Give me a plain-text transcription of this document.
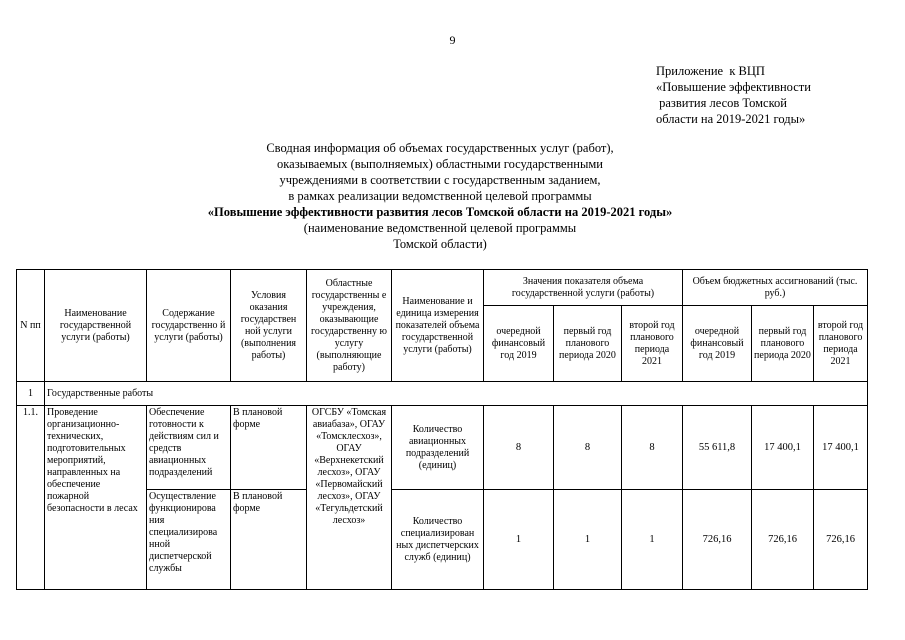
9
Приложение  к ВЦП
«Повышение эффективности
развития лесов Томской
области на 2019-2021 годы»
Сводная информация об объемах государственных услуг (работ),
оказываемых (выполняемых) областными государственными
учреждениями в соответствии с государственным заданием,
в рамках реализации ведомственной целевой программы
«Повышение эффективности развития лесов Томской области на 2019-2021 годы»
(наименование ведомственной целевой программы
Томской области)
N пп	Наименование государственной услуги (работы)	Содержание государственно й услуги (работы)	Условия оказания государствен ной услуги (выполнения работы)	Областные государственны е учреждения, оказывающие государственну ю услугу (выполняющие работу)	Наименование и единица измерения показателей объема государственной услуги (работы)	Значения показателя объема государственной услуги (работы)			Объем бюджетных ассигнований (тыс. руб.)		
						очередной финансовый год 2019	первый год планового периода 2020	второй год планового периода 2021	очередной финансовый год 2019	первый год планового периода 2020	второй год планового периода 2021
1	Государственные работы										
1.1.	Проведение организационно-технических, подготовительных мероприятий, направленных на обеспечение пожарной безопасности в лесах	Обеспечение готовности к действиям сил и средств авиационных подразделений	В плановой форме	ОГСБУ «Томская авиабаза», ОГАУ «Томсклесхоз», ОГАУ «Верхнекетский лесхоз», ОГАУ «Первомайский лесхоз», ОГАУ «Тегульдетский лесхоз»	Количество авиационных подразделений (единиц)	8	8	8	55 611,8	17 400,1	17 400,1
		Осуществление функционирова ния специализирова нной диспетчерской службы	В плановой форме		Количество специализирован ных диспетчерских служб (единиц)	1	1	1	726,16	726,16	726,16
